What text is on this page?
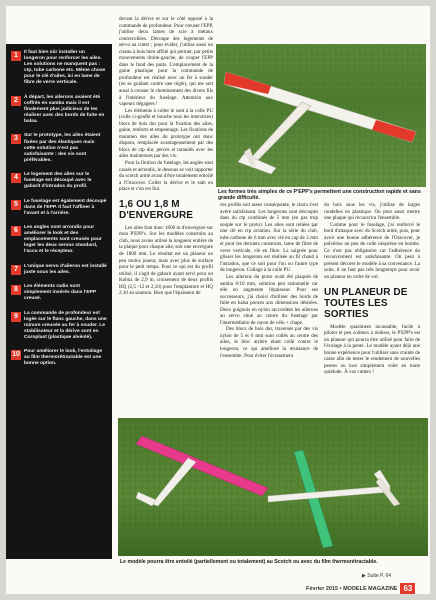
1	Il faut bien sûr installer un longeron pour renforcer les ailes. Les solutions ne manquent pas : ctp, tube carbone etc. Même chose pour le clé d'ailes, ici en lame de fibre de verre verticale.
2	À départ, les ailerons avaient été coffrés en samba mais il est finalement plus judicieux de les réaliser avec des bords de fuite en balsa.
3	Sur le prototype, les ailes étaient fixées par des élastiques mais cette solution n'est pas satisfaisante : des vis sont préférables.
4	Le logement des ailes sur le fuselage est découpé avec le gabarit d'intrados du profil.
5	Le fuselage est également découpé dans de l'EPP. Il faut l'affiner à l'avant et à l'arrière.
6	Les angles sont arrondis pour améliorer le look et des emplacements sont creusés pour loger les deux servos standard, l'accu et le récepteur.
7	L'unique servo d'aileron est installé juste sous les ailes.
8	Les éléments radio sont simplement insérés dans l'EPP creusé.
9	La commande de profondeur est logée sur le flanc gauche, dans une rainure creusée au fer à souder. Le stabilisateur et la dérive sont en Coroplast (plastique alvéolé).
10 Pour améliorer le look, l'entoilage au film thermorétractable est une bonne option.

devant la dérive et sur le côté opposé à la commande de profondeur. Pour creuser l'EPP, j'utilise deux lames de scie à métaux contrecollées. Découpe des logements de servo au cutter ; pour évider, j'utilise aussi un ciseau à bois bien affûté qui permet, par petits mouvements droite-gauche, de couper l'EPP dans le fond des puits. L'emplacement de la gaine plastique pour la commande de profondeur est réalisé avec un fer à souder (en se guidant contre une règle), qui me sert aussi à creuser le cheminement des divers fils à l'intérieur du fuselage. Attention aux vapeurs dégagées !

Les éléments à coller le sont à la colle PU (colle ci-gonfle et bouche tous les interstices) blocs de bois dur pour la fixation des ailes, gaine, renforts et empennage. Les fixations de maintien des ailes du prototype ont donc disparu, remplacée avantageusement par des blocs de ctp dur, percés et taraudés avec les ailes maintenues par des vis.

Pour la finition du fuselage, les angles sont cassés et arrondis, le dessous se voit rapporter du scotch armé avant d'être totalement entoilé à l'Oracover. Coller la dérive et le stab en place et c'en est fini.

1,6 OU 1,8 M D'ENVERGURE

Les ailes font donc 1600 m d'envergure sur mon P'EPP's. Sur les modèles construits au club, nous avons utilisé la longueur entière de la plaque pour chaque aile, soit une envergure de 1800 mm. Le résultat est un planeur un peu moins joueur, mais avec plus de surface pour le petit temps. Pour ce qui est du profil utilisé, il s'agit de gabarit ayant servi pour un Kobuz de 2,9 m, croisement de deux profils HQ (2,5 -12 et 2,10) pour l'emplanture et HQ 2,10 au saumon. Bien que l'épaisseur de

Les formes très simples de ce P'EPP's permettent une construction rapide et sans grande difficulté.

ces profils soit assez conséquente, le choix s'est avéré satisfaisant. Les longerons sont découpés dans du ctp combinés de 5 mm (en pas trop souple sur le proto). Les ailes sont reliées par une clé en ctp aviation. Sur la série du club, tube carbone de 6 mm avec clé en cap de 3 mm et pour les derniers construits, lame de fibre de verre verticale, clé en fibre. La saignée pour glisser les longerons est réalisée au fil chaud à l'intrados, que ce soit pour l'un ou l'autre type de longeron. Collage à la colle PU.

Les ailerons du proto avait été plaqués de samba 6/10 mm, solution peu rationnelle car elle en augmente l'épaisseur. Pour ses successeurs, j'ai choisi d'utiliser des bords de fuite en balsa ponces aux dimensions désirées. Deux guignols en nylon raccordent les ailerons au servo situé au centre du fuselage par l'intermédiaire de rayon de vélo + chape.

Des blocs de bois dur, traversés par des vis nylon de 5 et 6 mm sont collés au centre des ailes, le bloc arrière étant collé contre le longeron, ce qui améliore la résistance de l'ensemble. Pour éviter l'écrasement

du bois sous les vis, j'utilise de larges rondelles en plastique. On peut aussi mettre une plaque qui recouvrira l'ensemble.

Comme pour le fuselage, j'ai renforcé le bord d'attaque avec du Scotch armé, puis, pour avoir une bonne adhérence de l'Oracover, je pulvérise un peu de colle néoprène en bombe. Ce n'est pas obligatoire car l'adhérence du recouvrement est satisfaisante. On peut à présent décorer le modèle à sa convenance. La suite, il ne faut pas très longtemps pour avoir un planeur en ordre de vol.

UN PLANEUR DE TOUTES LES SORTIES

Modèle quasiment incassable, facile à piloter et peu coûteux à réaliser, le P'EPP's est un planeur qui pourra être utilisé pour faire de l'écolage à la pente. Le modèle ayant déjà une bonne expérience pour l'utiliser sans crainte de casse afin de tester le rendement de nouvelles pentes ou tout simplement voler en toute quiétude. À vos cutters !

Le modèle pourra être entoilé (partiellement ou totalement) au Scotch ou avec du film thermorétractable.
▶ Suite P. 64
Février 2015 • MODELE MAGAZINE 63
